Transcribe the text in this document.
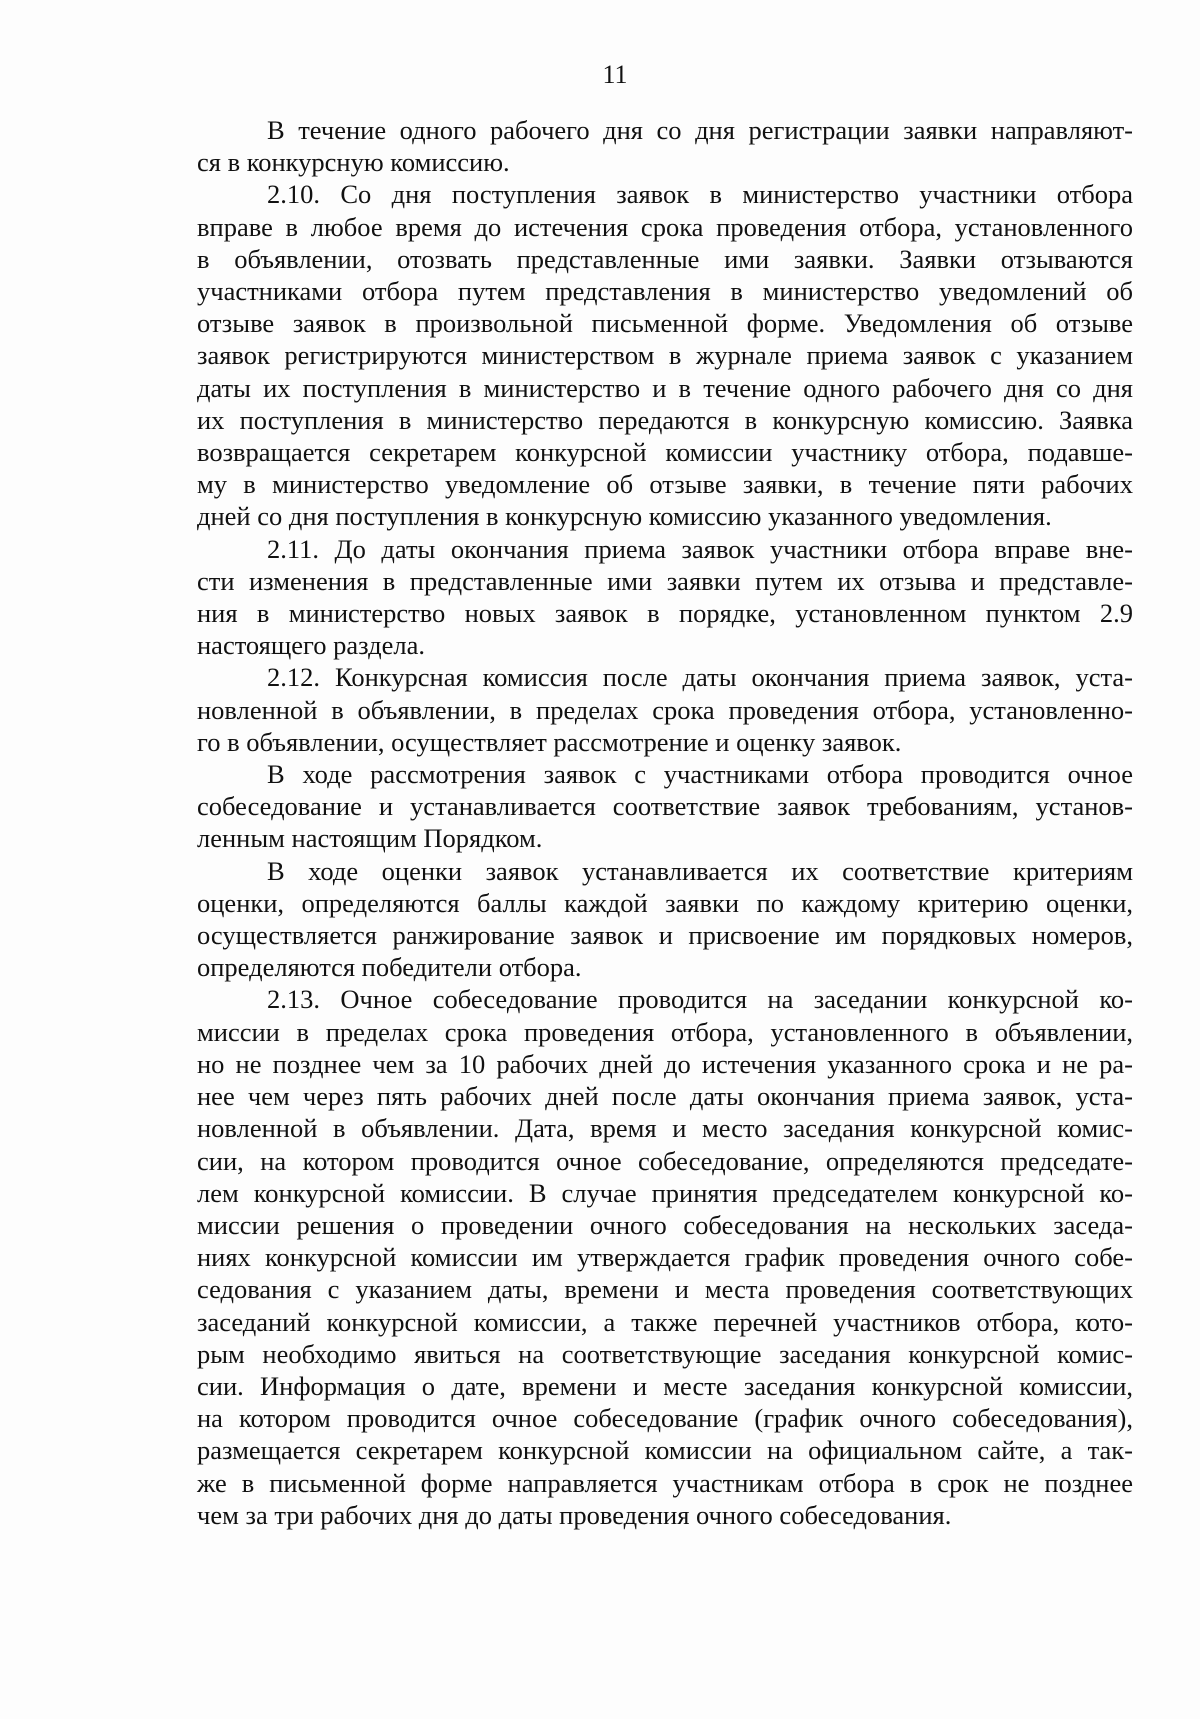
11
В течение одного рабочего дня со дня регистрации заявки направляют-
ся в конкурсную комиссию.
2.10. Со дня поступления заявок в министерство участники отбора
вправе в любое время до истечения срока проведения отбора, установленного
в объявлении, отозвать представленные ими заявки. Заявки отзываются
участниками отбора путем представления в министерство уведомлений об
отзыве заявок в произвольной письменной форме. Уведомления об отзыве
заявок регистрируются министерством в журнале приема заявок с указанием
даты их поступления в министерство и в течение одного рабочего дня со дня
их поступления в министерство передаются в конкурсную комиссию. Заявка
возвращается секретарем конкурсной комиссии участнику отбора, подавше-
му в министерство уведомление об отзыве заявки, в течение пяти рабочих
дней со дня поступления в конкурсную комиссию указанного уведомления.
2.11. До даты окончания приема заявок участники отбора вправе вне-
сти изменения в представленные ими заявки путем их отзыва и представле-
ния в министерство новых заявок в порядке, установленном пунктом 2.9
настоящего раздела.
2.12. Конкурсная комиссия после даты окончания приема заявок, уста-
новленной в объявлении, в пределах срока проведения отбора, установленно-
го в объявлении, осуществляет рассмотрение и оценку заявок.
В ходе рассмотрения заявок с участниками отбора проводится очное
собеседование и устанавливается соответствие заявок требованиям, установ-
ленным настоящим Порядком.
В ходе оценки заявок устанавливается их соответствие критериям
оценки, определяются баллы каждой заявки по каждому критерию оценки,
осуществляется ранжирование заявок и присвоение им порядковых номеров,
определяются победители отбора.
2.13. Очное собеседование проводится на заседании конкурсной ко-
миссии в пределах срока проведения отбора, установленного в объявлении,
но не позднее чем за 10 рабочих дней до истечения указанного срока и не ра-
нее чем через пять рабочих дней после даты окончания приема заявок, уста-
новленной в объявлении. Дата, время и место заседания конкурсной комис-
сии, на котором проводится очное собеседование, определяются председате-
лем конкурсной комиссии. В случае принятия председателем конкурсной ко-
миссии решения о проведении очного собеседования на нескольких заседа-
ниях конкурсной комиссии им утверждается график проведения очного собе-
седования с указанием даты, времени и места проведения соответствующих
заседаний конкурсной комиссии, а также перечней участников отбора, кото-
рым необходимо явиться на соответствующие заседания конкурсной комис-
сии. Информация о дате, времени и месте заседания конкурсной комиссии,
на котором проводится очное собеседование (график очного собеседования),
размещается секретарем конкурсной комиссии на официальном сайте, а так-
же в письменной форме направляется участникам отбора в срок не позднее
чем за три рабочих дня до даты проведения очного собеседования.
